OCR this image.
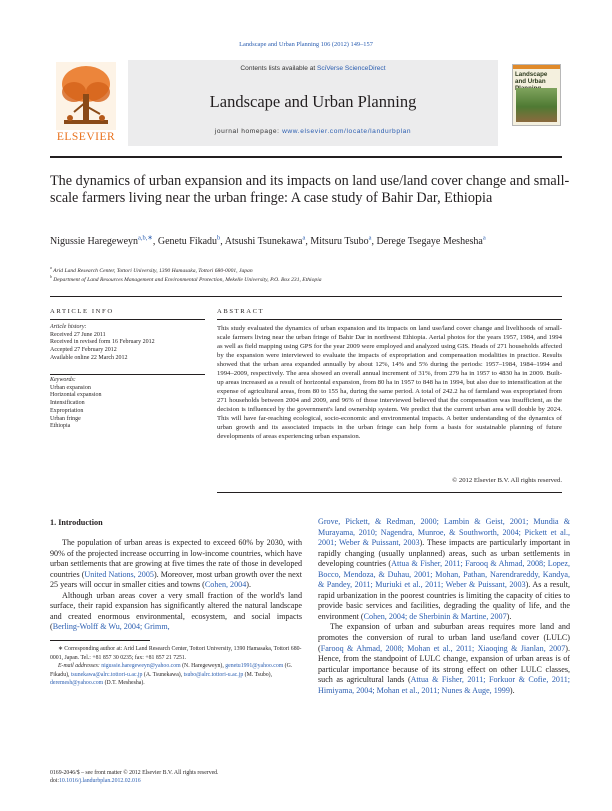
Landscape and Urban Planning 106 (2012) 149–157
ELSEVIER
Contents lists available at SciVerse ScienceDirect
Landscape and Urban Planning
journal homepage: www.elsevier.com/locate/landurbplan
Landscape and Urban
The dynamics of urban expansion and its impacts on land use/land cover change and small-scale farmers living near the urban fringe: A case study of Bahir Dar, Ethiopia
Nigussie Haregeweyn$^{a,b,∗}$, Genetu Fikadu$^b$, Atsushi Tsunekawa$^a$, Mitsuru Tsubo$^a$, Derege Tsegaye Meshesha$^a$
$^a$ Arid Land Research Center, Tottori University, 1390 Hamasaka, Tottori 680-0001, Japan
$^b$ Department of Land Resources Management and Environmental Protection, Mekelle University, P.O. Box 231, Ethiopia
ARTICLE INFO	ABSTRACT
Article history:
Received 27 June 2011
Received in revised form 16 February 2012
Accepted 27 February 2012
Available online 22 March 2012
Keywords:
Urban expansion
Horizontal expansion
Intensification
Expropriation
Urban fringe
Ethiopia
This study evaluated the dynamics of urban expansion and its impacts on land use/land cover change and livelihoods of small-scale farmers living near the urban fringe of Bahir Dar in northwest Ethiopia. Aerial photos for the years 1957, 1984, and 1994 as well as field mapping using GPS for the year 2009 were employed and analyzed using GIS. Heads of 271 households affected by the expansion were interviewed to evaluate the impacts of expropriation and compensation modalities in practice. Results showed that the urban area expanded annually by about 12%, 14% and 5% during the periods: 1957–1984, 1984–1994 and 1994–2009, respectively. The area showed an overall annual increment of 31%, from 279 ha in 1957 to 4830 ha in 2009. Built-up areas increased as a result of horizontal expansion, from 80 ha in 1957 to 848 ha in 1994, but also due to intensification at the expense of agricultural areas, from 80 to 155 ha, during the same period. A total of 242.2 ha of farmland was expropriated from 271 households between 2004 and 2009, and 96% of those interviewed believed that the compensation was insufficient, as the decision is influenced by the government's land ownership system. We predict that the current urban area will double by 2024. This will have far-reaching ecological, socio-economic and environmental impacts. A better understanding of the dynamics of urban growth and its associated impacts in the urban fringe can help form a basis for sustainable planning of future developments of areas experiencing urban expansion.
© 2012 Elsevier B.V. All rights reserved.
1. Introduction

The population of urban areas is expected to exceed 60% by 2030, with 90% of the projected increase occurring in low-income countries, which have urban settlements that are growing at five times the rate of those in developed countries (United Nations, 2005). Moreover, most urban growth over the next 25 years will occur in smaller cities and towns (Cohen, 2004).

Although urban areas cover a very small fraction of the world's land surface, their rapid expansion has significantly altered the natural landscape and created enormous environmental, ecosystem, and social impacts (Berling-Wolff & Wu, 2004; Grimm,

Grove, Pickett, & Redman, 2000; Lambin & Geist, 2001; Mundia & Murayama, 2010; Nagendra, Munroe, & Southworth, 2004; Pickett et al., 2001; Weber & Puissant, 2003). These impacts are particularly important in rapidly changing (usually unplanned) areas, such as urban settlements in developing countries (Attua & Fisher, 2011; Farooq & Ahmad, 2008; Lopez, Bocco, Mendoza, & Duhau, 2001; Mohan, Pathan, Narendrareddy, Kandya, & Pandey, 2011; Muriuki et al., 2011; Weber & Puissant, 2003). As a result, rapid urbanization in the poorest countries is limiting the capacity of cities to provide basic services and facilities, degrading the quality of life, and the environment (Cohen, 2004; de Sherbinin & Martine, 2007).

The expansion of urban and suburban areas requires more land and promotes the conversion of rural to urban land use/land cover (LULC) (Farooq & Ahmad, 2008; Mohan et al., 2011; Xiaoqing & Jianlan, 2007). Hence, from the standpoint of LULC change, expansion of urban areas is of particular importance because of its strong effect on other LULC classes, such as agricultural lands (Attua & Fisher, 2011; Forkuor & Cofie, 2011; Himiyama, 2004; Mohan et al., 2011; Nunes & Auge, 1999).

∗ Corresponding author at: Arid Land Research Center, Tottori University, 1390 Hamasaka, Tottori 680-0001, Japan. Tel.: +81 857 30 0235; fax: +81 857 21 7251.
E-mail addresses: nigussie.haregeweyn@yahoo.com (N. Haregeweyn), genetu1991@yahoo.com (G. Fikadu), tsunekawa@alrc.tottori-u.ac.jp (A. Tsunekawa), tsubo@alrc.tottori-u.ac.jp (M. Tsubo), deremesh@yahoo.com (D.T. Meshesha).
0169-2046/$ – see front matter © 2012 Elsevier B.V. All rights reserved.
doi:10.1016/j.landurbplan.2012.02.016
